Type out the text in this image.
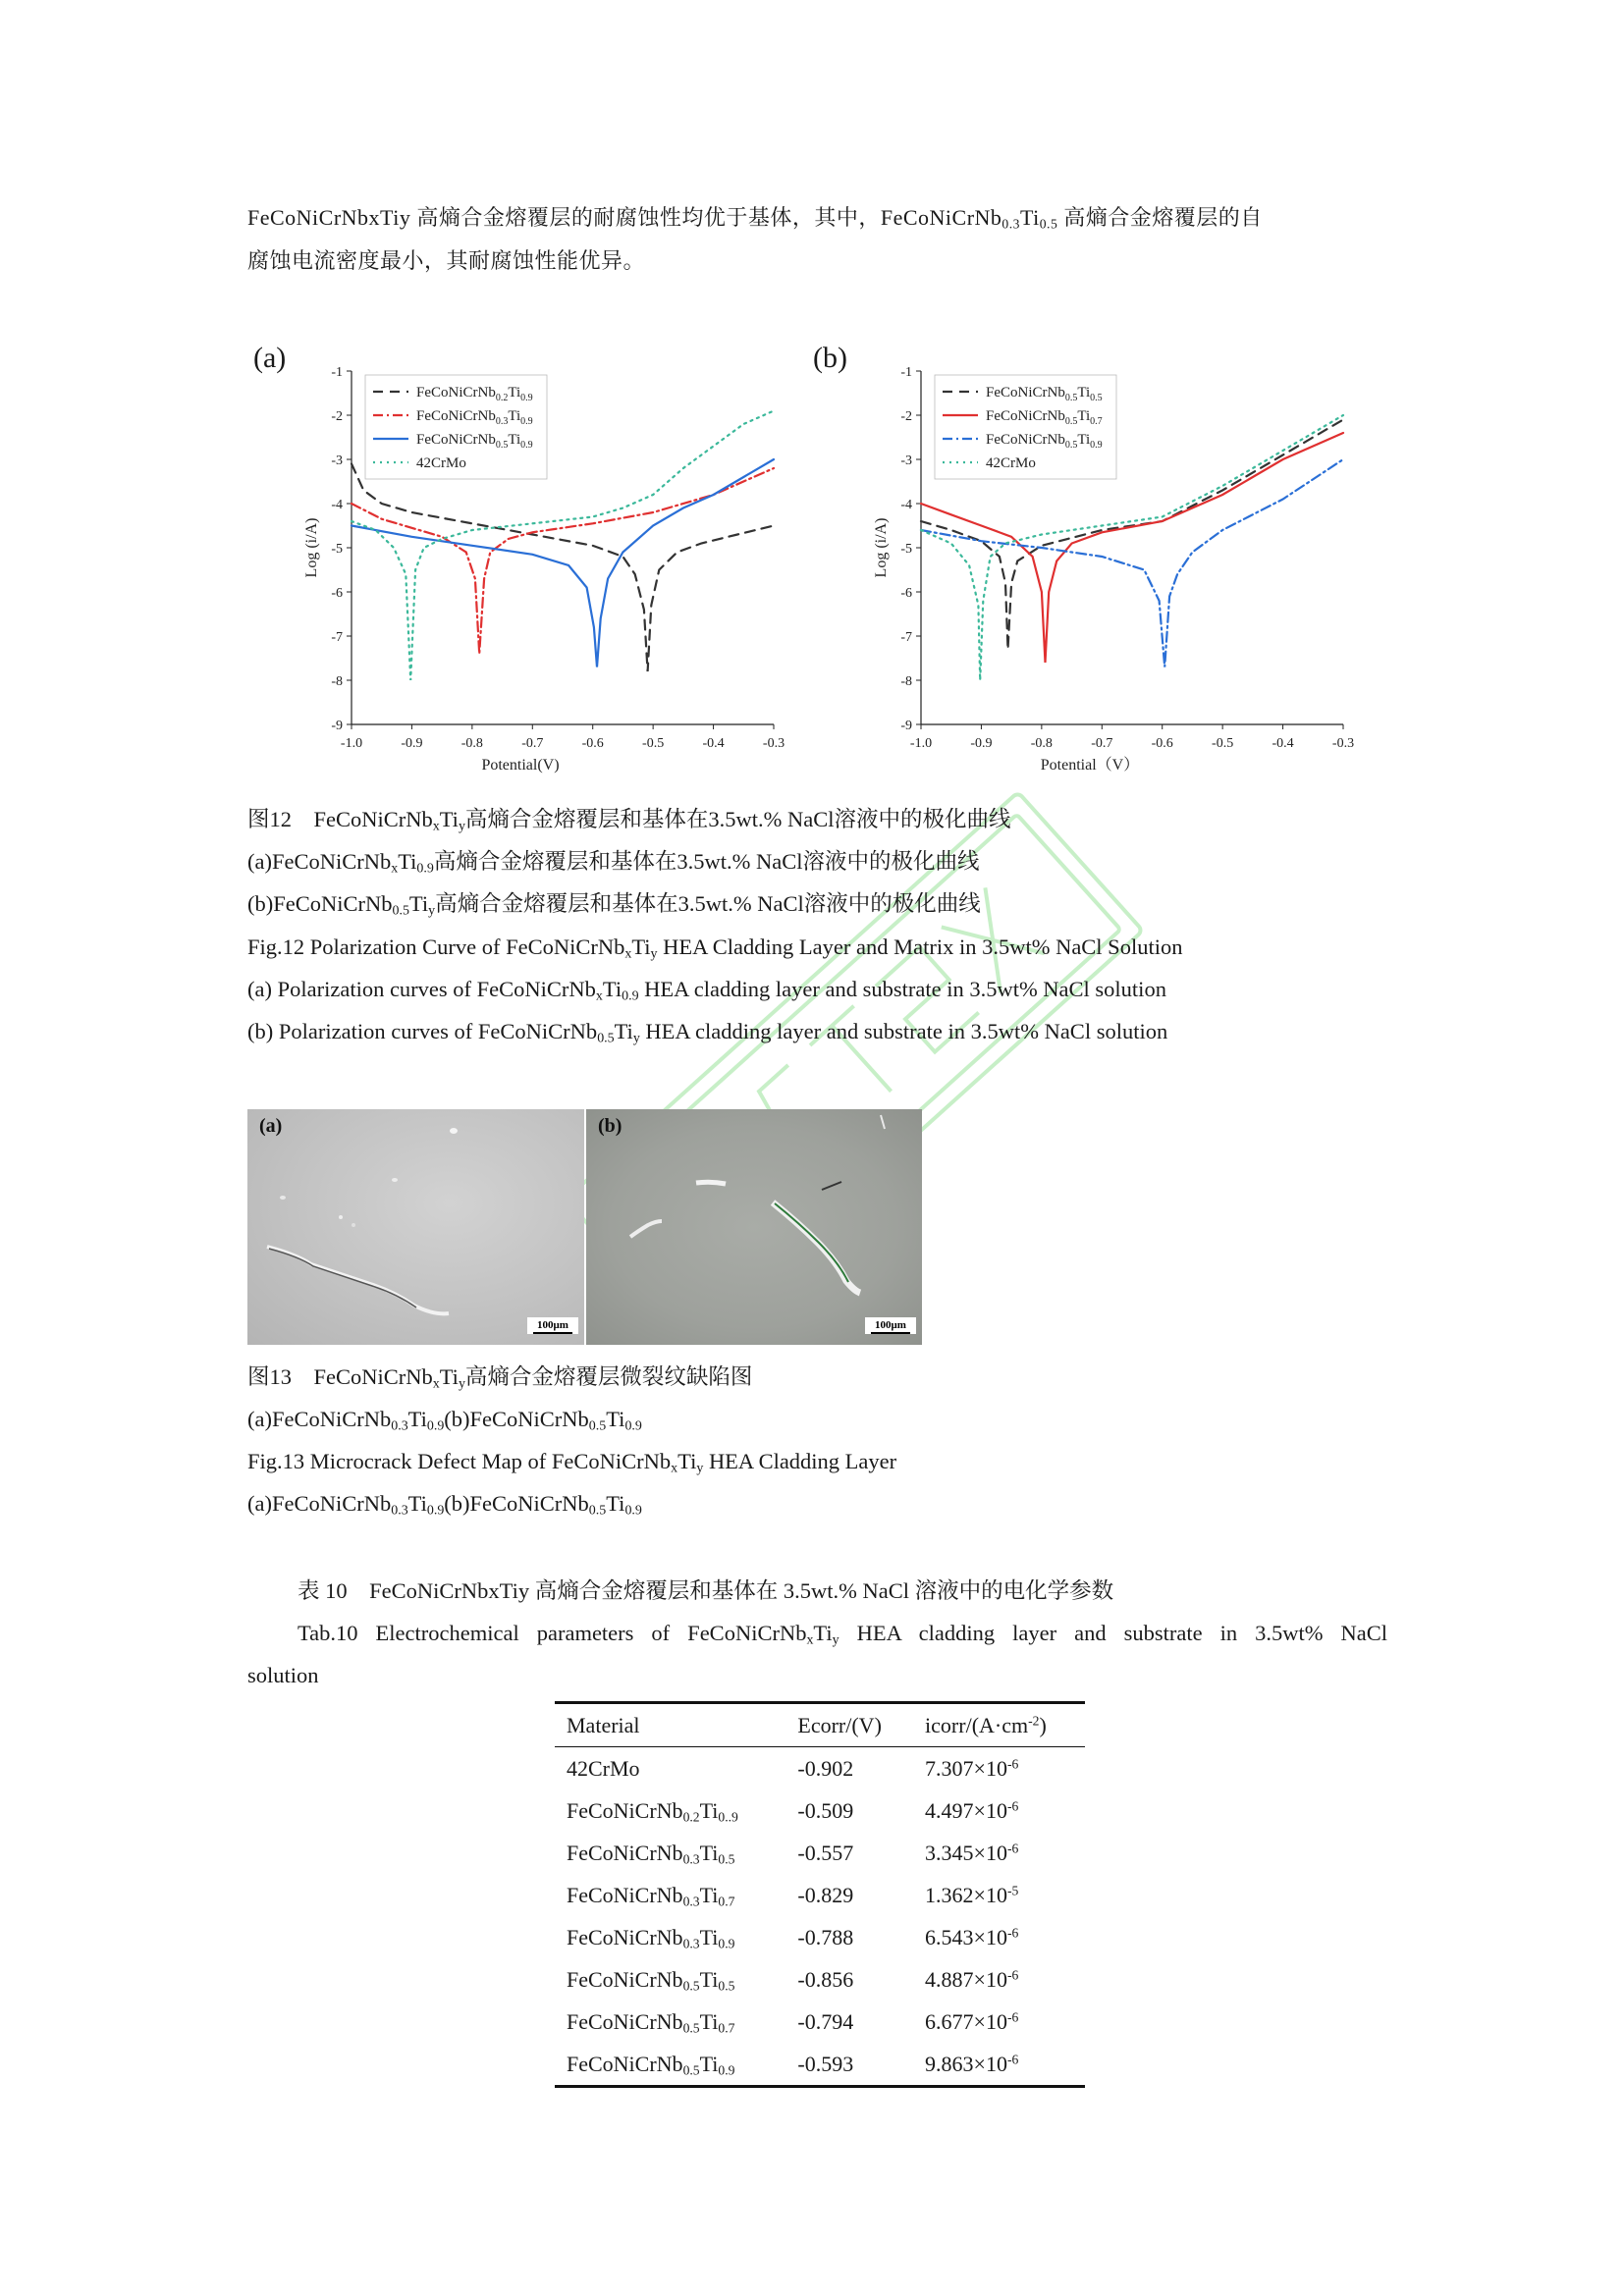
FeCoNiCrNbxTiy 高熵合金熔覆层的耐腐蚀性均优于基体，其中，$FeCoNiCrNb_{0.3}Ti_{0.5}$ 高熵合金熔覆层的自
腐蚀电流密度最小，其耐腐蚀性能优异。
(a)	(b)
-1
-2
-3
-4
-5
-6
-7
-8
-9
-1.0	-0.9	-0.8	-0.7	-0.6	-0.5	-0.4	-0.3
Potential(V)
Log (i/A)
$FeCoNiCrNb_{0.2}Ti_{0.9}$
$FeCoNiCrNb_{0.3}Ti_{0.9}$
$FeCoNiCrNb_{0.5}Ti_{0.9}$
42CrMo
-1
-2
-3
-4
-5
-6
-7
-8
-9
-1.0	-0.9	-0.8	-0.7	-0.6	-0.5	-0.4	-0.3
Potential（V）
Log (i/A)
$FeCoNiCrNb_{0.5}Ti_{0.5}$
$FeCoNiCrNb_{0.5}Ti_{0.7}$
$FeCoNiCrNb_{0.5}Ti_{0.9}$
42CrMo
图12　$FeCoNiCrNb_xTi_y$高熵合金熔覆层和基体在3.5wt.% NaCl溶液中的极化曲线
$(a)FeCoNiCrNb_xTi_{0.9}$高熵合金熔覆层和基体在3.5wt.% NaCl溶液中的极化曲线
$(b)FeCoNiCrNb_{0.5}Ti_y$高熵合金熔覆层和基体在3.5wt.% NaCl溶液中的极化曲线
Fig.12 Polarization Curve of $FeCoNiCrNb_xTi_y$ HEA Cladding Layer and Matrix in 3.5wt% NaCl Solution
(a) Polarization curves of $FeCoNiCrNb_xTi_{0.9}$ HEA cladding layer and substrate in 3.5wt% NaCl solution
(b) Polarization curves of $FeCoNiCrNb_{0.5}Ti_y$ HEA cladding layer and substrate in 3.5wt% NaCl solution
(a)
100μm
(b)
100μm
图13　$FeCoNiCrNb_xTi_y$高熵合金熔覆层微裂纹缺陷图
$(a)FeCoNiCrNb_{0.3}Ti_{0.9}(b)FeCoNiCrNb_{0.5}Ti_{0.9}$
Fig.13 Microcrack Defect Map of $FeCoNiCrNb_xTi_y$ HEA Cladding Layer
$(a)FeCoNiCrNb_{0.3}Ti_{0.9}(b)FeCoNiCrNb_{0.5}Ti_{0.9}$
表 10　FeCoNiCrNbxTiy 高熵合金熔覆层和基体在 3.5wt.% NaCl 溶液中的电化学参数
Tab.10 Electrochemical parameters of $FeCoNiCrNb_xTi_y$ HEA cladding layer and substrate in 3.5wt% NaCl
solution
Material	Ecorr/(V)	icorr/$(A\cdot cm^{-2})$
42CrMo	-0.902	$7.307\times 10^{-6}$
$FeCoNiCrNb_{0.2}Ti_{0..9}$	-0.509	$4.497\times 10^{-6}$
$FeCoNiCrNb_{0.3}Ti_{0.5}$	-0.557	$3.345\times 10^{-6}$
$FeCoNiCrNb_{0.3}Ti_{0.7}$	-0.829	$1.362\times 10^{-5}$
$FeCoNiCrNb_{0.3}Ti_{0.9}$	-0.788	$6.543\times 10^{-6}$
$FeCoNiCrNb_{0.5}Ti_{0.5}$	-0.856	$4.887\times 10^{-6}$
$FeCoNiCrNb_{0.5}Ti_{0.7}$	-0.794	$6.677\times 10^{-6}$
$FeCoNiCrNb_{0.5}Ti_{0.9}$	-0.593	$9.863\times 10^{-6}$
